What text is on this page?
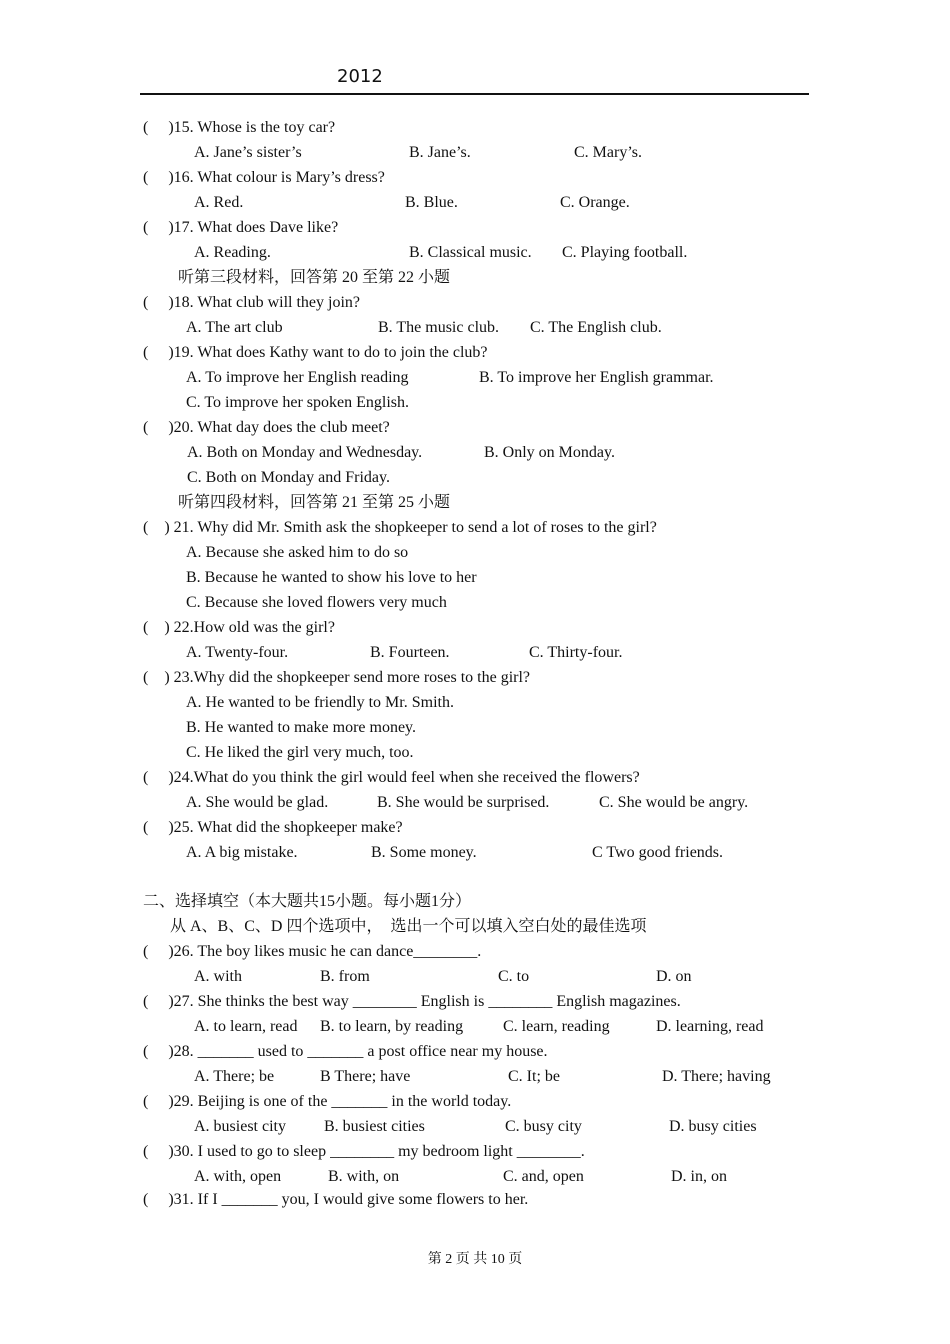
2012
(     )15. Whose is the toy car?
A. Jane’s sister’s	B. Jane’s.	C. Mary’s.
(     )16. What colour is Mary’s dress?
A. Red.	B. Blue.	C. Orange.
(     )17. What does Dave like?
A. Reading.	B. Classical music. C. Playing football.
听第三段材料，回答第 20 至第 22 小题
(     )18. What club will they join?
A. The art club	B. The music club. C. The English club.
(     )19. What does Kathy want to do to join the club?
A. To improve her English reading	B. To improve her English grammar.
C. To improve her spoken English.
(     )20. What day does the club meet?
A. Both on Monday and Wednesday.	B. Only on Monday.
C. Both on Monday and Friday.
听第四段材料，回答第 21 至第 25 小题
(    ) 21. Why did Mr. Smith ask the shopkeeper to send a lot of roses to the girl?
A. Because she asked him to do so
B. Because he wanted to show his love to her
C. Because she loved flowers very much
(    ) 22.How old was the girl?
A. Twenty-four.	B. Fourteen.	C. Thirty-four.
(    ) 23.Why did the shopkeeper send more roses to the girl?
A. He wanted to be friendly to Mr. Smith.
B. He wanted to make more money.
C. He liked the girl very much, too.
(     )24.What do you think the girl would feel when she received the flowers?
A. She would be glad.	B. She would be surprised.	C. She would be angry.
(     )25. What did the shopkeeper make?
A. A big mistake.	B. Some money.	C Two good friends.
二、选择填空（本大题共15小题。每小题1分）
从 A、B、C、D 四个选项中，  选出一个可以填入空白处的最佳选项
(     )26. The boy likes music he can dance________.
A. with	B. from	C. to	D. on
(     )27. She thinks the best way ________ English is ________ English magazines.
A. to learn, read B. to learn, by reading C. learn, reading	D. learning, read
(     )28. _______ used to _______ a post office near my house.
A. There; be	B There; have	C. It; be	D. There; having
(     )29. Beijing is one of the _______ in the world today.
A. busiest city B. busiest cities	C. busy city	D. busy cities
(     )30. I used to go to sleep ________ my bedroom light ________.
A. with, open	B. with, on	C. and, open	D. in, on
(     )31. If I _______ you, I would give some flowers to her.
第 2 页 共 10 页
